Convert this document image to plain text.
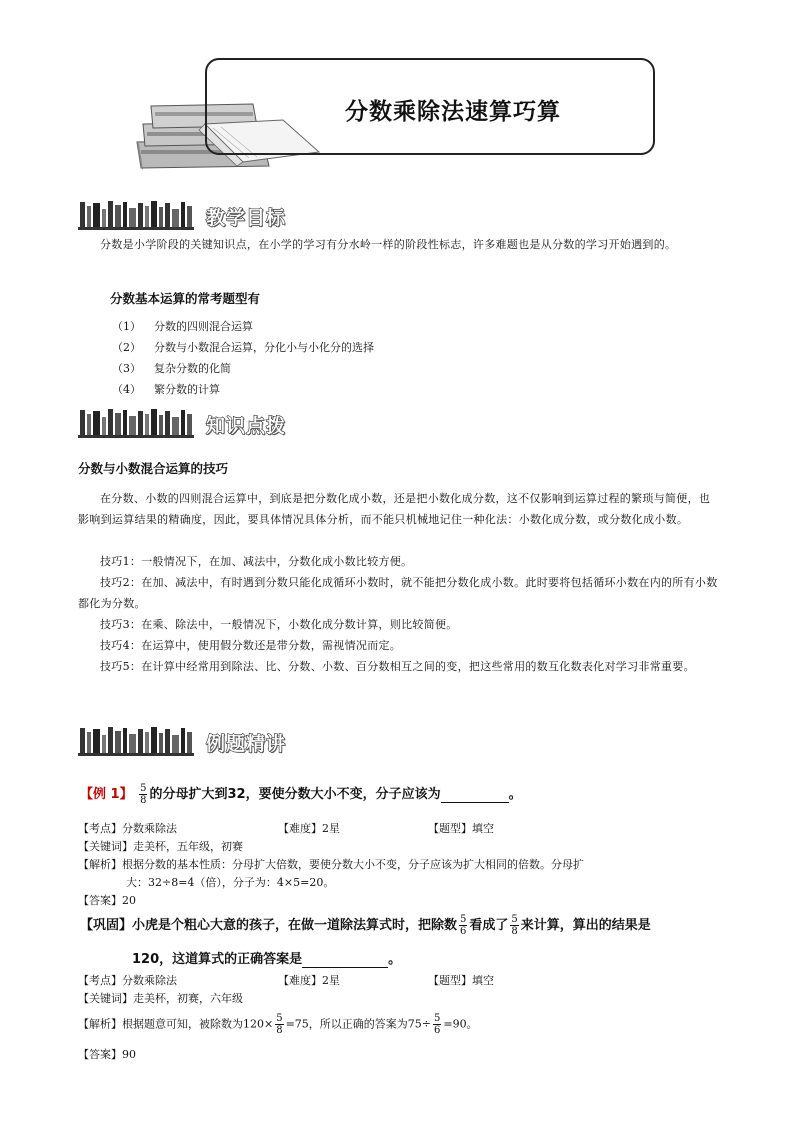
分数乘除法速算巧算
教学目标
分数是小学阶段的关键知识点，在小学的学习有分水岭一样的阶段性标志，许多难题也是从分数的学习开始遇到的。
分数基本运算的常考题型有
（1） 分数的四则混合运算
（2） 分数与小数混合运算，分化小与小化分的选择
（3） 复杂分数的化简
（4） 繁分数的计算
知识点拨
分数与小数混合运算的技巧
在分数、小数的四则混合运算中，到底是把分数化成小数，还是把小数化成分数，这不仅影响到运算过程的繁琐与简便，也影响到运算结果的精确度，因此，要具体情况具体分析，而不能只机械地记住一种化法：小数化成分数，或分数化成小数。
技巧1：一般情况下，在加、减法中，分数化成小数比较方便。
技巧2：在加、减法中，有时遇到分数只能化成循环小数时，就不能把分数化成小数。此时要将包括循环小数在内的所有小数都化为分数。
技巧3：在乘、除法中，一般情况下，小数化成分数计算，则比较简便。
技巧4：在运算中，使用假分数还是带分数，需视情况而定。
技巧5：在计算中经常用到除法、比、分数、小数、百分数相互之间的变，把这些常用的数互化数表化对学习非常重要。
例题精讲
【例 1】 $\frac{5}{8}$ 的分母扩大到32，要使分数大小不变，分子应该为	。
【考点】分数乘除法	【难度】2星	【题型】填空
【关键词】走美杯，五年级，初赛
【解析】根据分数的基本性质：分母扩大倍数，要使分数大小不变，分子应该为扩大相同的倍数。分母扩
大：32÷8=4（倍），分子为：4×5=20。
【答案】20
【巩固】小虎是个粗心大意的孩子，在做一道除法算式时，把除数 $\frac{5}{6}$ 看成了 $\frac{5}{8}$ 来计算，算出的结果是
120，这道算式的正确答案是	。
【考点】分数乘除法	【难度】2星	【题型】填空
【关键词】走美杯，初赛，六年级
【解析】根据题意可知，被除数为$120\times \frac{5}{8} =75$，所以正确的答案为$75\div \frac{5}{6} =90$。
【答案】90
